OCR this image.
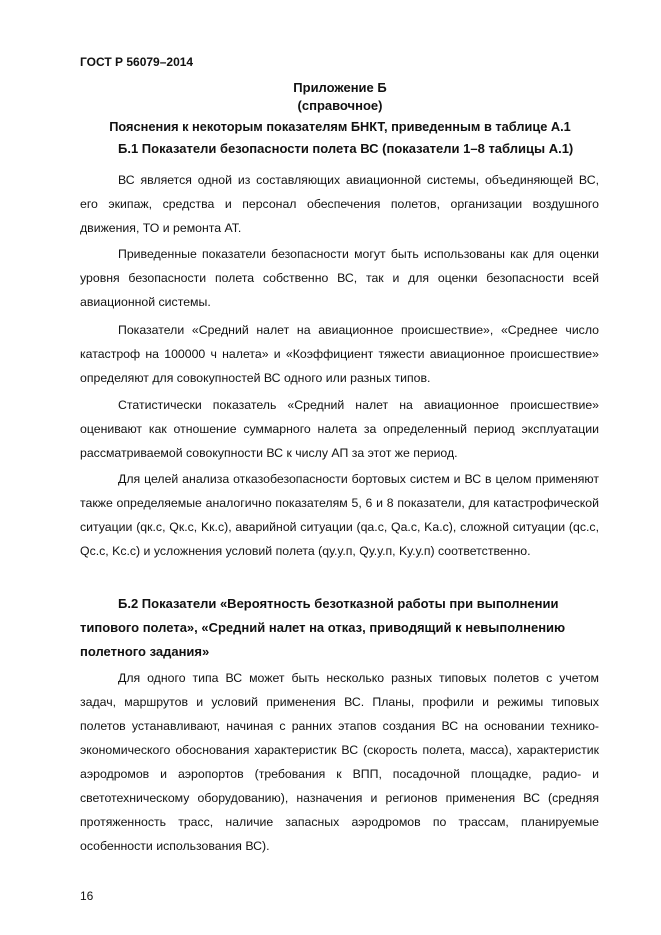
ГОСТ Р 56079–2014
Приложение Б
(справочное)
Пояснения к некоторым показателям БНКТ, приведенным в таблице А.1
Б.1 Показатели безопасности полета ВС (показатели 1–8 таблицы А.1)

ВС является одной из составляющих авиационной системы, объединяющей ВС, его экипаж, средства и персонал обеспечения полетов, организации воздушного движения, ТО и ремонта АТ.

Приведенные показатели безопасности могут быть использованы как для оценки уровня безопасности полета собственно ВС, так и для оценки безопасности всей авиационной системы.

Показатели «Средний налет на авиационное происшествие», «Среднее число катастроф на 100000 ч налета» и «Коэффициент тяжести авиационное происшествие» определяют для совокупностей ВС одного или разных типов.

Статистически показатель «Средний налет на авиационное происшествие» оценивают как отношение суммарного налета за определенный период эксплуатации рассматриваемой совокупности ВС к числу АП за этот же период.

Для целей анализа отказобезопасности бортовых систем и ВС в целом применяют также определяемые аналогично показателям 5, 6 и 8 показатели, для катастрофической ситуации (qк.с, Qк.с, Kк.с), аварийной ситуации (qа.с, Qа.с, Kа.с), сложной ситуации (qс.с, Qс.с, Kс.с) и усложнения условий полета (qу.у.п, Qу.у.п, Kу.у.п) соответственно.

Б.2 Показатели «Вероятность безотказной работы при выполнении
типового полета», «Средний налет на отказ, приводящий к невыполнению
полетного задания»

Для одного типа ВС может быть несколько разных типовых полетов с учетом задач, маршрутов и условий применения ВС. Планы, профили и режимы типовых полетов устанавливают, начиная с ранних этапов создания ВС на основании технико-экономического обоснования характеристик ВС (скорость полета, масса), характеристик аэродромов и аэропортов (требования к ВПП, посадочной площадке, радио- и светотехническому оборудованию), назначения и регионов применения ВС (средняя протяженность трасс, наличие запасных аэродромов по трассам, планируемые особенности использования ВС).

16
